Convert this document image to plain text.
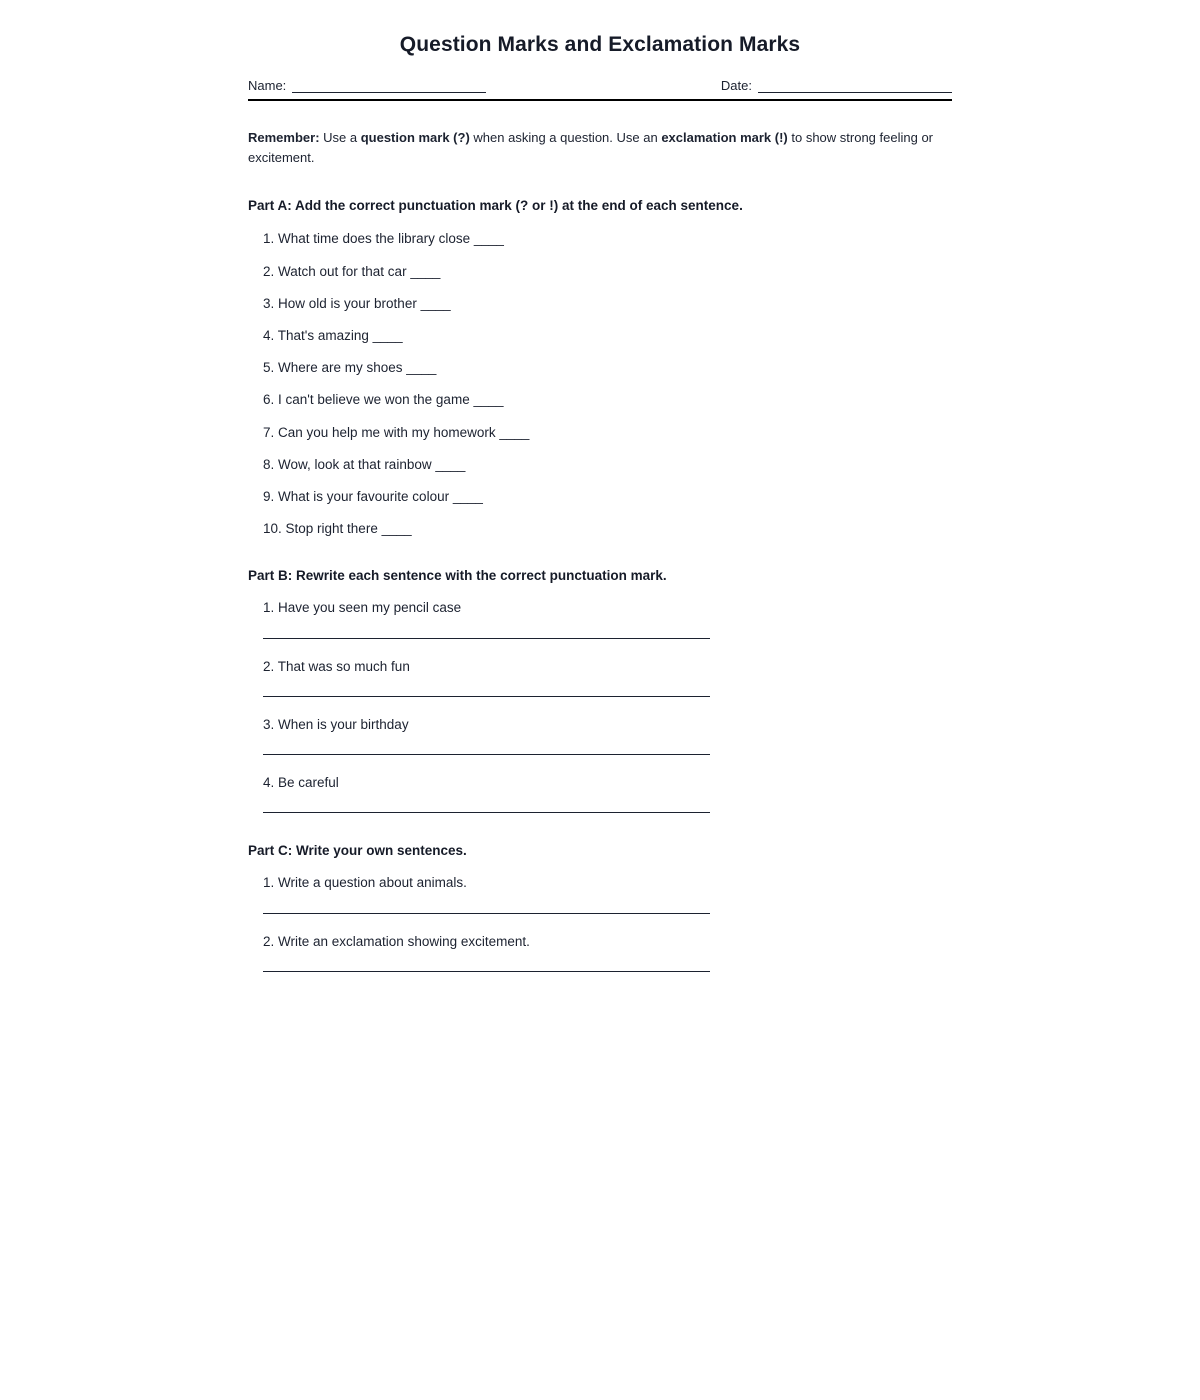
Question Marks and Exclamation Marks
Name:	Date:

Remember: Use a question mark (?) when asking a question. Use an exclamation mark (!) to show strong feeling or excitement.

Part A: Add the correct punctuation mark (? or !) at the end of each sentence.
1. What time does the library close ____
2. Watch out for that car ____
3. How old is your brother ____
4. That's amazing ____
5. Where are my shoes ____
6. I can't believe we won the game ____
7. Can you help me with my homework ____
8. Wow, look at that rainbow ____
9. What is your favourite colour ____
10. Stop right there ____
Part B: Rewrite each sentence with the correct punctuation mark.
1. Have you seen my pencil case
2. That was so much fun
3. When is your birthday
4. Be careful
Part C: Write your own sentences.
1. Write a question about animals.
2. Write an exclamation showing excitement.
